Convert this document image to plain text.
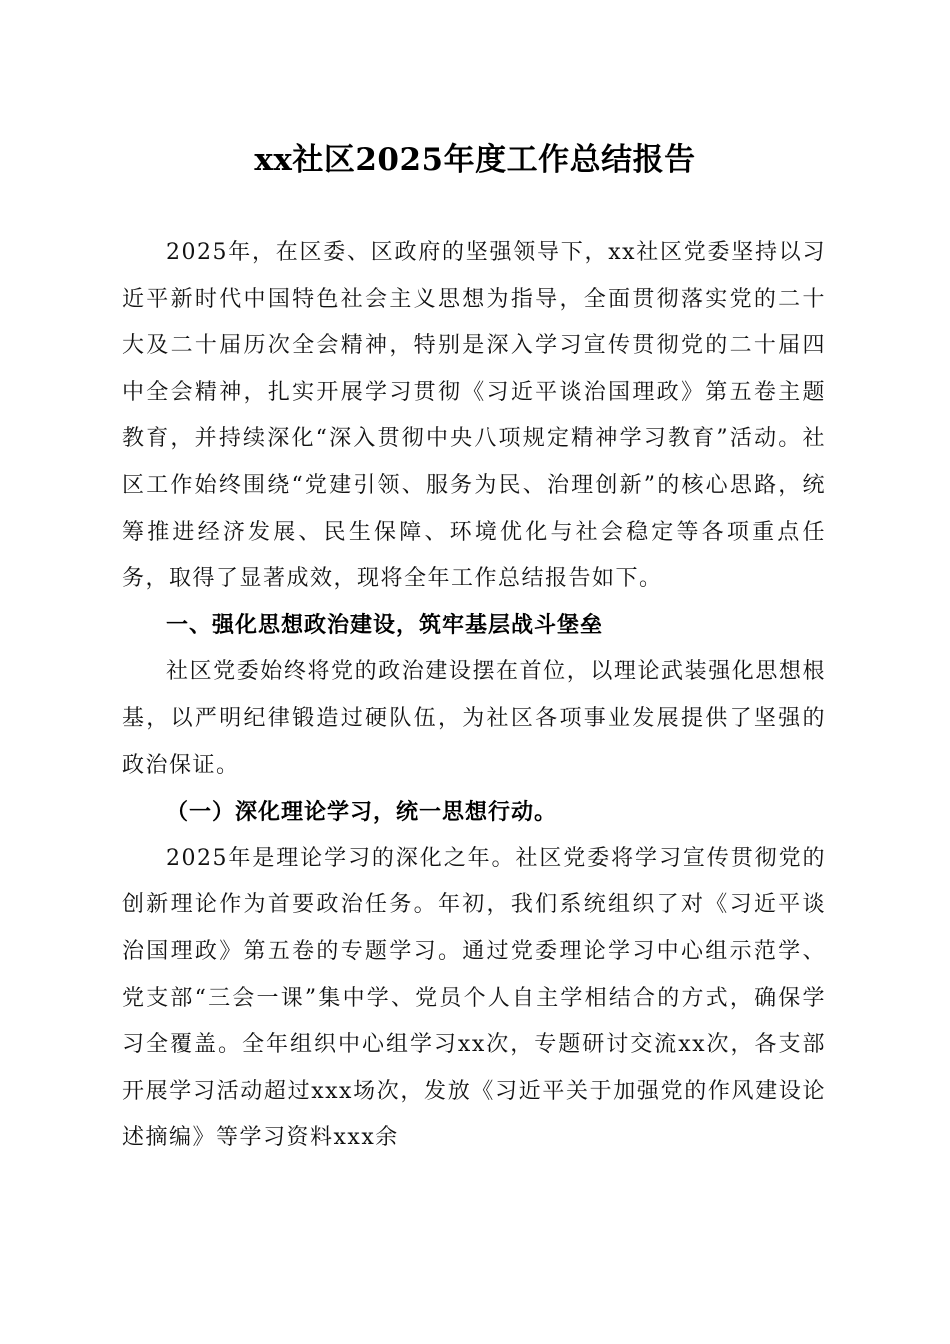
xx社区2025年度工作总结报告

2025年，在区委、区政府的坚强领导下，xx社区党委坚持以习近平新时代中国特色社会主义思想为指导，全面贯彻落实党的二十大及二十届历次全会精神，特别是深入学习宣传贯彻党的二十届四中全会精神，扎实开展学习贯彻《习近平谈治国理政》第五卷主题教育，并持续深化“深入贯彻中央八项规定精神学习教育”活动。社区工作始终围绕“党建引领、服务为民、治理创新”的核心思路，统筹推进经济发展、民生保障、环境优化与社会稳定等各项重点任务，取得了显著成效，现将全年工作总结报告如下。

一、强化思想政治建设，筑牢基层战斗堡垒

社区党委始终将党的政治建设摆在首位，以理论武装强化思想根基，以严明纪律锻造过硬队伍，为社区各项事业发展提供了坚强的政治保证。

（一）深化理论学习，统一思想行动。

2025年是理论学习的深化之年。社区党委将学习宣传贯彻党的创新理论作为首要政治任务。年初，我们系统组织了对《习近平谈治国理政》第五卷的专题学习。通过党委理论学习中心组示范学、党支部“三会一课”集中学、党员个人自主学相结合的方式，确保学习全覆盖。全年组织中心组学习xx次，专题研讨交流xx次，各支部开展学习活动超过xxx场次，发放《习近平关于加强党的作风建设论述摘编》等学习资料xxx余
